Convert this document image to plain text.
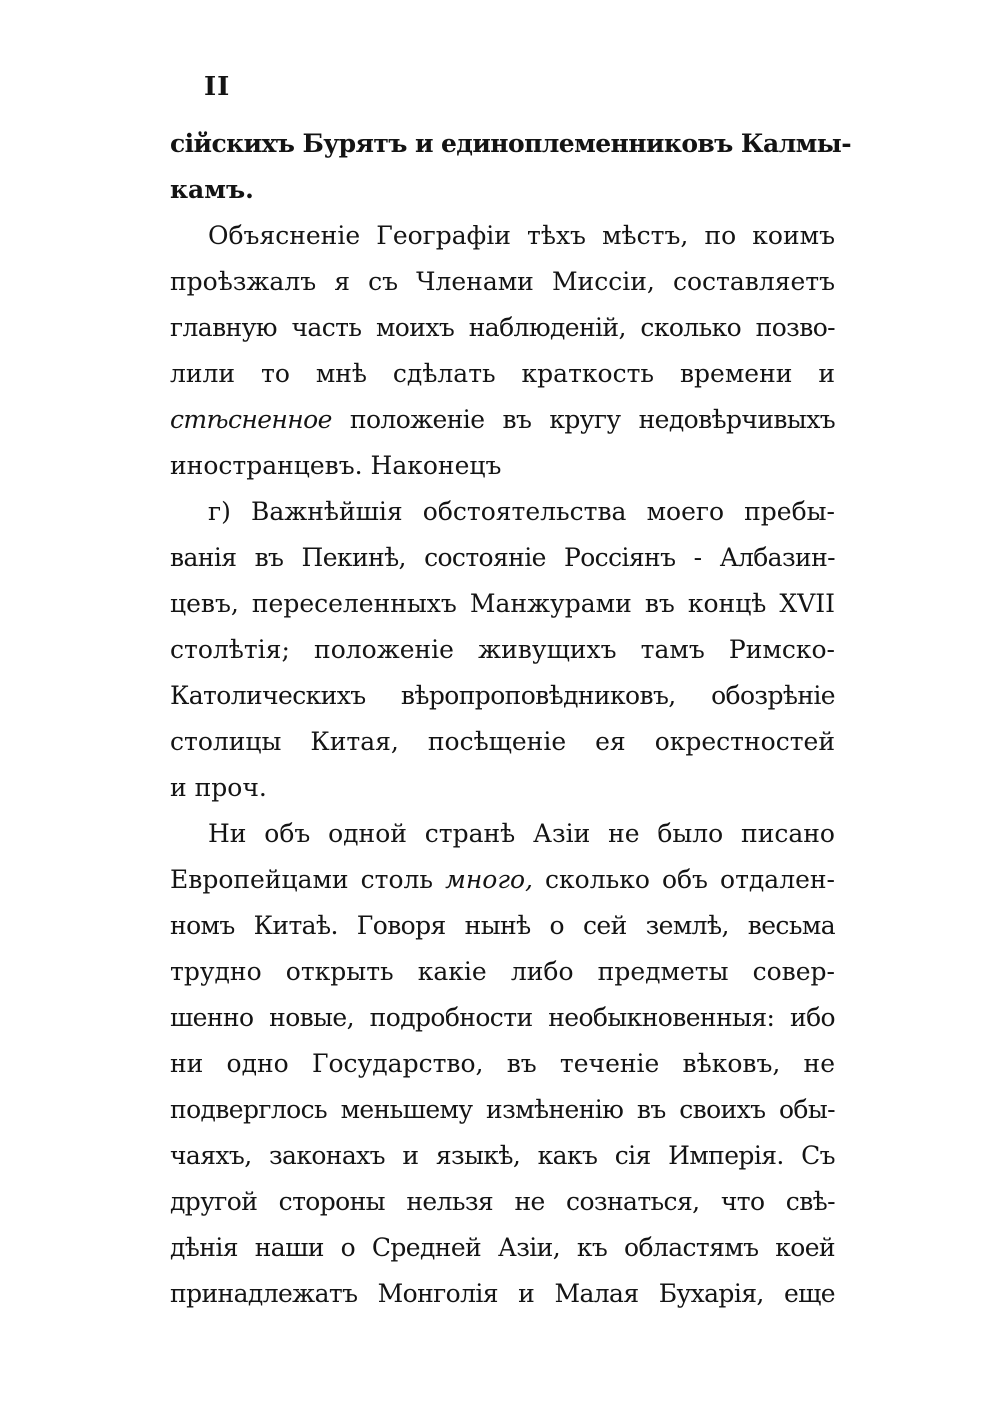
II
сійскихъ Бурятъ и единоплеменниковъ Калмы-
камъ.
Объясненіе Географіи тѣхъ мѣстъ, по коимъ
проѣзжалъ я съ Членами Миссіи, составляетъ
главную часть моихъ наблюденій, сколько позво-
лили то мнѣ сдѣлать краткость времени и
стѣсненное положеніе въ кругу недовѣрчивыхъ
иностранцевъ. Наконецъ
г) Важнѣйшія обстоятельства моего пребы-
ванія въ Пекинѣ, состояніе Россіянъ - Албазин-
цевъ, переселенныхъ Манжурами въ концѣ XVII
столѣтія; положеніе живущихъ тамъ Римско-
Католическихъ вѣропроповѣдниковъ, обозрѣніе
столицы Китая, посѣщеніе ея окрестностей
и проч.
Ни объ одной странѣ Азіи не было писано
Европейцами столь много, сколько объ отдален-
номъ Китаѣ. Говоря нынѣ о сей землѣ, весьма
трудно открыть какіе либо предметы совер-
шенно новые, подробности необыкновенныя: ибо
ни одно Государство, въ теченіе вѣковъ, не
подверглось меньшему измѣненію въ своихъ обы-
чаяхъ, законахъ и языкѣ, какъ сія Имперія. Съ
другой стороны нельзя не сознаться, что свѣ-
дѣнія наши о Средней Азіи, къ областямъ коей
принадлежатъ Монголія и Малая Бухарія, еще
